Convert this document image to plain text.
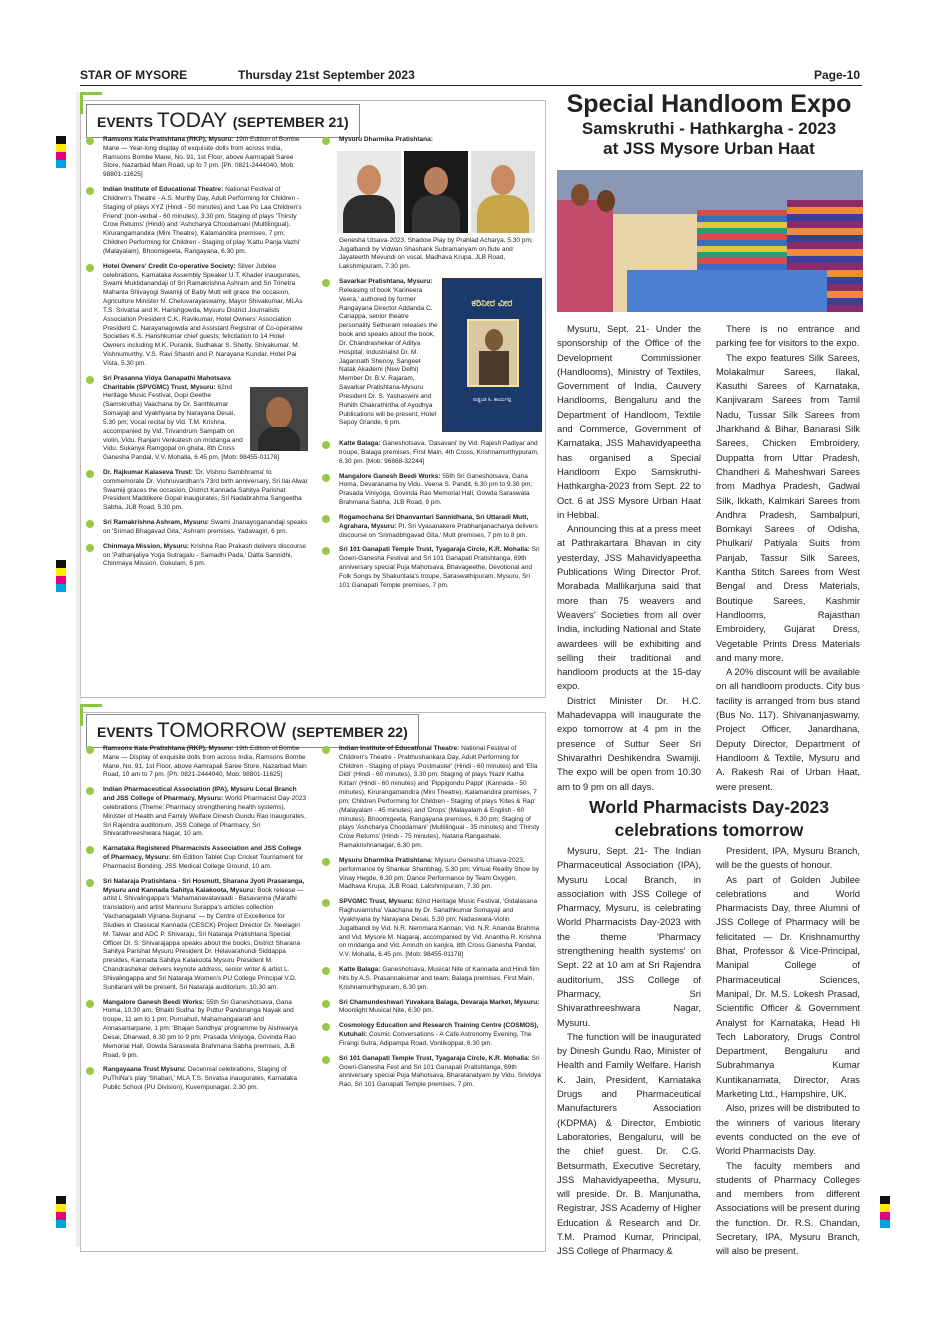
STAR OF MYSORE	Thursday 21st September 2023	Page-10
EVENTS TODAY (SEPTEMBER 21)
Ramsons Kala Pratishtana (RKP), Mysuru: 19th Edition of Bombe Mane — Year-long display of exquisite dolls from across India, Ramsons Bombe Mane, No. 91, 1st Floor, above Aamrapali Saree Store, Nazarbad Main Road, up to 7 pm. [Ph: 0821-2444040, Mob: 98801-11625]
Indian Institute of Educational Theatre: National Festival of Children's Theatre - A.S. Murthy Day, Adult Performing for Children - Staging of plays XYZ (Hindi - 50 minutes) and 'Laa Po Laa Children's Friend' (non-verbal - 60 minutes), 3.30 pm; Staging of plays 'Thirsty Crow Returns' (Hindi) and 'Ashcharya Choodamani (Multilingual), Kirurangamandira (Mini Theatre), Kalamandira premises, 7 pm; Children Performing for Children - Staging of play 'Kattu Panja Vazhi' (Malayalam), Bhoomigeeta, Rangayana, 6.30 pm.
Hotel Owners' Credit Co-operative Society: Silver Jubilee celebrations, Karnataka Assembly Speaker U.T. Khader inaugurates, Swami Muktidanandaji of Sri Ramakrishna Ashram and Sri Trinetra Mahanta Shivayogi Swamiji of Baby Mutt will grace the occasion, Agriculture Minister N. Cheluvarayaswamy, Mayor Shivakumar, MLAs T.S. Srivatsa and K. Harishgowda, Mysuru District Journalists Association President C.K. Ravikumar, Hotel Owners' Association President C. Narayanagowda and Assistant Registrar of Co-operative Societies K.S. Harishkumar chief guests; felicitation to 14 Hotel Owners including M.K. Puranik, Sudhakar S. Shetty, Shivakumar, M. Vishnumurthy, V.S. Ravi Shastri and P. Narayana Kundar, Hotel Pai Vista, 5.30 pm.
Sri Prasanna Vidya Ganapathi Mahotsava Charitable (SPVGMC) Trust, Mysuru: 62nd Heritage Music Festival, Gopi Geethe (Samskrutha) Vaachana by Dr. Santhkumar Somayaji and Vyakhyana by Narayana Desai, 5.30 pm; Vocal recital by Vid. T.M. Krishna, accompanied by Vid. Trivandrum Sampath on violin, Vidu. Ranjani Venkatesh on mridanga and Vidu. Sukanya Ramgopal on ghata, 8th Cross Ganesha Pandal, V.V. Mohalla, 6.45 pm. [Mob: 98455-01178]
Dr. Rajkumar Kalaseva Trust: 'Dr. Vishnu Sambhrama' to commemorate Dr. Vishnuvardhan's 73rd birth anniversary, Sri Ilai Alwar Swamiji graces the occasion, District Kannada Sahitya Parishat President Maddikere Gopal inaugurates, Sri Nadabrahma Sangeetha Sabha, JLB Road, 5.30 pm.
Sri Ramakrishna Ashram, Mysuru: Swami Jnanayoganandaji speaks on 'Srimad Bhagavad Gita,' Ashram premises, Yadavagiri, 6 pm.
Chinmaya Mission, Mysuru: Krishna Rao Prakash delivers discourse on 'Pathanjaliya Yoga Sutragalu - Samadhi Pada,' Datta Sannidhi, Chinmaya Mission, Gokulam, 6 pm.
Mysuru Dharmika Pratishtana:
Genesha Utsava-2023, Shadow Play by Prahlad Acharya, 5.30 pm; Jugalbandi by Vidwan Shashank Subramanyam on flute and Jayateerth Mevundi on vocal, Madhava Krupa, JLB Road, Lakshmipuram, 7.30 pm.
ಕರಿನೀರ ವೀರ
ಅಡ್ಡಂಡ ಸಿ. ಕಾರ್ಯಪ್ಪ
Savarkar Pratishtana, Mysuru: Releasing of book 'Karineera Veera,' authored by former Rangayana Director Addanda C. Cariappa, senior theatre personality Sethuram releases the book and speaks about the book, Dr. Chandrashekar of Aditya Hospital, Industrialist Dr. M. Jagannath Shenoy, Sangeet Natak Akademi (New Delhi) Member Dr. B.V. Rajaram, Savarkar Pratishtana-Mysuru President Dr. S. Yashaswini and Rohith Chakrathirtha of Ayodhya Publications will be present, Hotel Sepoy Grande, 6 pm.
Katte Balaga: Ganeshotsava, 'Dasavani' by Vid. Rajesh Padiyar and troupe, Balaga premises, First Main, 4th Cross, Krishnamurthypuram, 6.30 pm. [Mob: 96868-32244]
Mangalore Ganesh Beedi Works: 55th Sri Ganeshotsava, Gana Homa, Devaranama by Vidu. Veena S. Pandit, 6.30 pm to 9.30 pm; Prasada Viniyoga, Govinda Rao Memorial Hall, Gowda Saraswata Brahmana Sabha, JLB Road, 9 pm.
Rogamochana Sri Dhanvantari Sannidhana, Sri Uttaradi Mutt, Agrahara, Mysuru: Pt. Sri Vyasanakere Prabhanjanacharya delivers discourse on 'Srimadbhgavad Gita,' Mutt premises, 7 pm to 8 pm.
Sri 101 Ganapati Temple Trust, Tyagaraja Circle, K.R. Mohalla: Sri Gowri-Ganesha Festival and Sri 101 Ganapati Pratishtanga, 69th anniversary special Puja Mahotsava, Bhavageethe, Devotional and Folk Songs by Shakuntala's troupe, Saraswathipuram, Mysuru, Sri 101 Ganapati Temple premises, 7 pm.
EVENTS TOMORROW (SEPTEMBER 22)
Ramsons Kala Pratishtana (RKP), Mysuru: 19th Edition of Bombe Mane — Display of exquisite dolls from across India, Ramsons Bombe Mane, No. 91, 1st Floor, above Aamrapali Saree Store, Nazarbad Main Road, 10 am to 7 pm. [Ph: 0821-2444040, Mob: 98801-11625]
Indian Pharmaceutical Association (IPA), Mysuru Local Branch and JSS College of Pharmacy, Mysuru: World Pharmacist Day-2023 celebrations (Theme: Pharmacy strengthening health systems), Minister of Health and Family Welfare Dinesh Gundu Rao inaugurates, Sri Rajendra auditorium, JSS College of Pharmacy, Sri Shivarathreeshwara Nagar, 10 am.
Karnataka Registered Pharmacists Association and JSS College of Pharmacy, Mysuru: 6th Edition Tablet Cup Cricket Tournament for Pharmacist Bonding, JSS Medical College Ground, 10 am.
Sri Nataraja Pratishtana - Sri Hosmutt, Sharana Jyoti Prasaranga, Mysuru and Kannada Sahitya Kalakoota, Mysuru: Book release — artist L Shivalingappa's 'Mahamanavatavaadi - Basavanna (Marathi translation) and artist Mannuru Surappa's articles collection 'Vachanagalalli Vijnana-Sujnana' — by Centre of Excellence for Studies in Classical Kannada (CESCK) Project Director Dr. Neelagiri M. Talwar and ADC P. Shivaraju, Sri Nataraja Pratishtana Special Officer Dr. S. Shivarajappa speaks about the books, District Sharana Sahitya Parishat Mysuru President Dr. Helavarahundi Siddappa presides, Kannada Sahitya Kalakoota Mysuru President M. Chandrashekar delivers keynote address, senior writer & artist L. Shivalingappa and Sri Nataraja Women's PU College Principal V.D. Sunitarani will be present, Sri Nataraja auditorium, 10.30 am.
Mangalore Ganesh Beedi Works: 55th Sri Ganeshotsava, Gana Homa, 10.30 am; 'Bhakti Sudha' by Puttur Panduranga Nayak and troupe, 11 am to 1 pm; Purnahuti, Mahamangalarati and Annasantarpane, 1 pm; 'Bhajan Sandhya' programme by Aishwarya Desai, Dharwad, 6.30 pm to 9 pm; Prasada Viniyoga, Govinda Rao Memorial Hall, Gowda Saraswata Brahmana Sabha premises, JLB Road, 9 pm.
Rangayaana Trust Mysuru: Decennial celebrations, Staging of PuThiNa's play 'Shabari,' MLA T.S. Srivatsa inaugurates, Karnataka Public School (PU Division), Kuvempunagar, 2.30 pm.
Indian Institute of Educational Theatre: National Festival of Children's Theatre - Prabhushankara Day, Adult Performing for Children - Staging of plays 'Postmaster' (Hindi - 60 minutes) and 'Ella Didi' (Hindi - 60 minutes), 3.30 pm; Staging of plays 'Nazir Katha Kirtan' (Hindi - 60 minutes) and 'Pippigondu Pappi' (Kannada - 50 minutes), Kirurangamandira (Mini Theatre), Kalamandira premises, 7 pm; Children Performing for Children - Staging of plays 'Kites & Rap' (Malayalam - 45 minutes) and 'Drops' (Malayalam & English - 60 minutes), Bhoomigeeta, Rangayana premises, 6.30 pm; Staging of plays 'Ashcharya Choodamani' (Multilingual - 35 minutes) and 'Thirsty Crow Returns' (Hindi - 75 minutes), Natana Rangashale, Ramakrishnanagar, 6.30 pm.
Mysuru Dharmika Pratishtana: Mysuru Genesha Utsava-2023, performance by Shankar Shanbhag, 5.30 pm; Virtual Reality Show by Vinay Hegde, 6.30 pm; Dance Performance by Team Oxygen, Madhava Krupa, JLB Road, Lakshmipuram, 7.30 pm.
SPVGMC Trust, Mysuru: 62nd Heritage Music Festival, 'Gidalasana Raghuvamsha' Vaachana by Dr. Sanathkumar Somayaji and Vyakhyana by Narayana Desai, 5.30 pm; Nadaswara-Violin Jugalbandi by Vid. N.R. Nemmara Kannan, Vid. N.R. Ananda Brahma and Vid. Mysore M. Nagaraj, accompanied by Vid. Anantha R. Krishna on mridanga and Vid. Amruth on kanjira, 8th Cross Ganesha Pandal, V.V. Mohalla, 6.45 pm. [Mob: 98455-01178]
Katte Balaga: Ganeshotsava, Musical Nite of Kannada and Hindi film hits by A.S. Prasannakumar and team, Balaga premises, First Main, Krishnamurthypuram, 6.30 pm.
Sri Chamundeshwari Yuvakara Balaga, Devaraja Market, Mysuru: Moonlight Musical Nite, 6.30 pm.
Cosmology Education and Research Training Centre (COSMOS), Kutuhali: Cosmic Conversations - A Cafe Astronomy Evening, The Firangi Sutra, Adipampa Road, Vontikoppal, 6.30 pm.
Sri 101 Ganapati Temple Trust, Tyagaraja Circle, K.R. Mohalla: Sri Gowri-Ganesha Fest and Sri 101 Ganapati Pratishtanga, 69th anniversary special Puja Mahotsava, Bharatanatyam by Vidu. Srividya Rao, Sri 101 Ganapati Temple premises, 7 pm.
Special Handloom Expo
Samskruthi - Hathkargha - 2023
at JSS Mysore Urban Haat

Mysuru, Sept. 21- Under the sponsorship of the Office of the Development Commissioner (Handlooms), Ministry of Textiles, Government of India, Cauvery Handlooms, Bengaluru and the Department of Handloom, Textile and Commerce, Government of Karnataka, JSS Mahavidyapeetha has organised a Special Handloom Expo Samskruthi-Hathkargha-2023 from Sept. 22 to Oct. 6 at JSS Mysore Urban Haat in Hebbal.

Announcing this at a press meet at Pathrakartara Bhavan in city yesterday, JSS Mahavidyapeetha Publications Wing Director Prof. Morabada Mallikarjuna said that more than 75 weavers and Weavers' Societies from all over India, including National and State awardees will be exhibiting and selling their traditional and handloom products at the 15-day expo.

District Minister Dr. H.C. Mahadevappa will inaugurate the expo tomorrow at 4 pm in the presence of Suttur Seer Sri Shivarathri Deshikendra Swamiji. The expo will be open from 10.30 am to 9 pm on all days.

There is no entrance and parking fee for visitors to the expo.

The expo features Silk Sarees, Molakalmur Sarees, Ilakal, Kasuthi Sarees of Karnataka, Kanjivaram Sarees from Tamil Nadu, Tussar Silk Sarees from Jharkhand & Bihar, Banarasi Silk Sarees, Chicken Embroidery, Duppatta from Uttar Pradesh, Chandheri & Maheshwari Sarees from Madhya Pradesh, Gadwal Silk, Ikkath, Kalmkari Sarees from Andhra Pradesh, Sambalpuri, Bomkayi Sarees of Odisha, Phulkari/ Patiyala Suits from Panjab, Tassur Silk Sarees, Kantha Stitch Sarees from West Bengal and Dress Materials, Boutique Sarees, Kashmir Handlooms, Rajasthan Embroidery, Gujarat Dress, Vegetable Prints Dress Materials and many more.

A 20% discount will be available on all handloom products. City bus facility is arranged from bus stand (Bus No. 117). Shivananjaswamy, Project Officer, Janardhana, Deputy Director, Department of Handloom & Textile, Mysuru and A. Rakesh Rai of Urban Haat, were present.

World Pharmacists Day-2023
celebrations tomorrow

Mysuru, Sept. 21- The Indian Pharmaceutical Association (IPA), Mysuru Local Branch, in association with JSS College of Pharmacy, Mysuru, is celebrating World Pharmacists Day-2023 with the theme 'Pharmacy strengthening health systems' on Sept. 22 at 10 am at Sri Rajendra auditorium, JSS College of Pharmacy, Sri Shivarathreeshwara Nagar, Mysuru.

The function will be inaugurated by Dinesh Gundu Rao, Minister of Health and Family Welfare. Harish K. Jain, President, Karnataka Drugs and Pharmaceutical Manufacturers Association (KDPMA) & Director, Embiotic Laboratories, Bengaluru, will be the chief guest. Dr. C.G. Betsurmath, Executive Secretary, JSS Mahavidyapeetha, Mysuru, will preside. Dr. B. Manjunatha, Registrar, JSS Academy of Higher Education & Research and Dr. T.M. Pramod Kumar, Principal, JSS College of Pharmacy &

President, IPA, Mysuru Branch, will be the guests of honour.

As part of Golden Jubilee celebrations and World Pharmacists Day, three Alumni of JSS College of Pharmacy will be felicitated — Dr. Krishnamurthy Bhat, Professor & Vice-Principal, Manipal College of Pharmaceutical Sciences, Manipal, Dr. M.S. Lokesh Prasad, Scientific Officer & Government Analyst for Karnataka, Head Hi Tech Laboratory, Drugs Control Department, Bengaluru and Subrahmanya Kumar Kuntikanamata, Director, Aras Marketing Ltd., Hampshire, UK.

Also, prizes will be distributed to the winners of various literary events conducted on the eve of World Pharmacists Day.

The faculty members and students of Pharmacy Colleges and members from different Associations will be present during the function. Dr. R.S. Chandan, Secretary, IPA, Mysuru Branch, will also be present.
